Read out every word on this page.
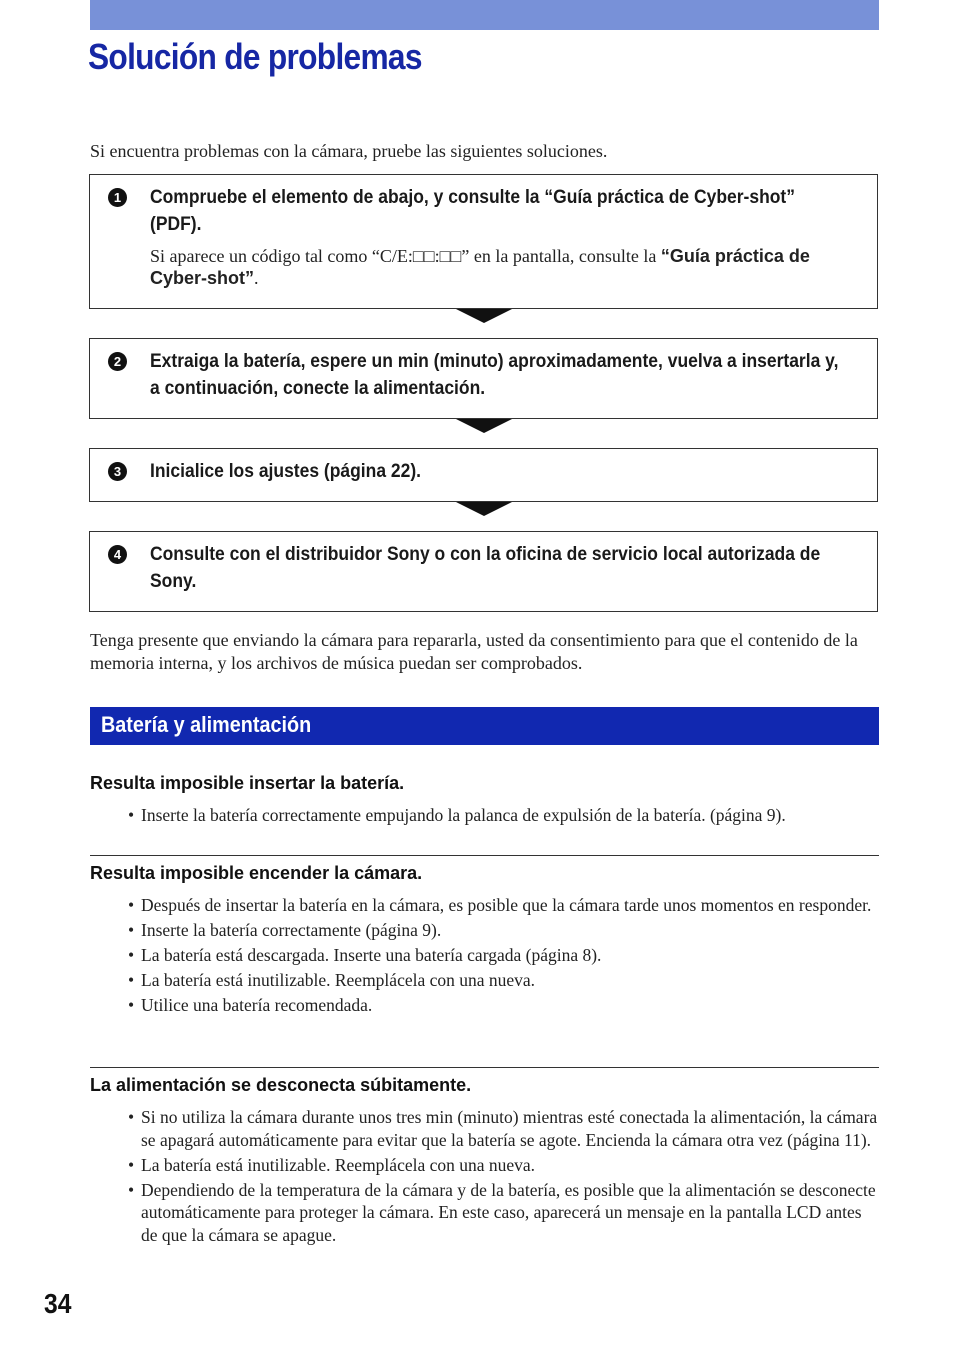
Solución de problemas
Si encuentra problemas con la cámara, pruebe las siguientes soluciones.
1	Compruebe el elemento de abajo, y consulte la “Guía práctica de Cyber-shot” (PDF).
Si aparece un código tal como “C/E:□□:□□” en la pantalla, consulte la “Guía práctica de Cyber-shot”.
2	Extraiga la batería, espere un min (minuto) aproximadamente, vuelva a insertarla y, a continuación, conecte la alimentación.
3	Inicialice los ajustes (página 22).
4	Consulte con el distribuidor Sony o con la oficina de servicio local autorizada de Sony.
Tenga presente que enviando la cámara para repararla, usted da consentimiento para que el contenido de la memoria interna, y los archivos de música puedan ser comprobados.
Batería y alimentación
Resulta imposible insertar la batería.
• Inserte la batería correctamente empujando la palanca de expulsión de la batería. (página 9).
Resulta imposible encender la cámara.
• Después de insertar la batería en la cámara, es posible que la cámara tarde unos momentos en responder.
• Inserte la batería correctamente (página 9).
• La batería está descargada. Inserte una batería cargada (página 8).
• La batería está inutilizable. Reemplácela con una nueva.
• Utilice una batería recomendada.
La alimentación se desconecta súbitamente.
• Si no utiliza la cámara durante unos tres min (minuto) mientras esté conectada la alimentación, la cámara se apagará automáticamente para evitar que la batería se agote. Encienda la cámara otra vez (página 11).
• La batería está inutilizable. Reemplácela con una nueva.
• Dependiendo de la temperatura de la cámara y de la batería, es posible que la alimentación se desconecte automáticamente para proteger la cámara. En este caso, aparecerá un mensaje en la pantalla LCD antes de que la cámara se apague.
34
